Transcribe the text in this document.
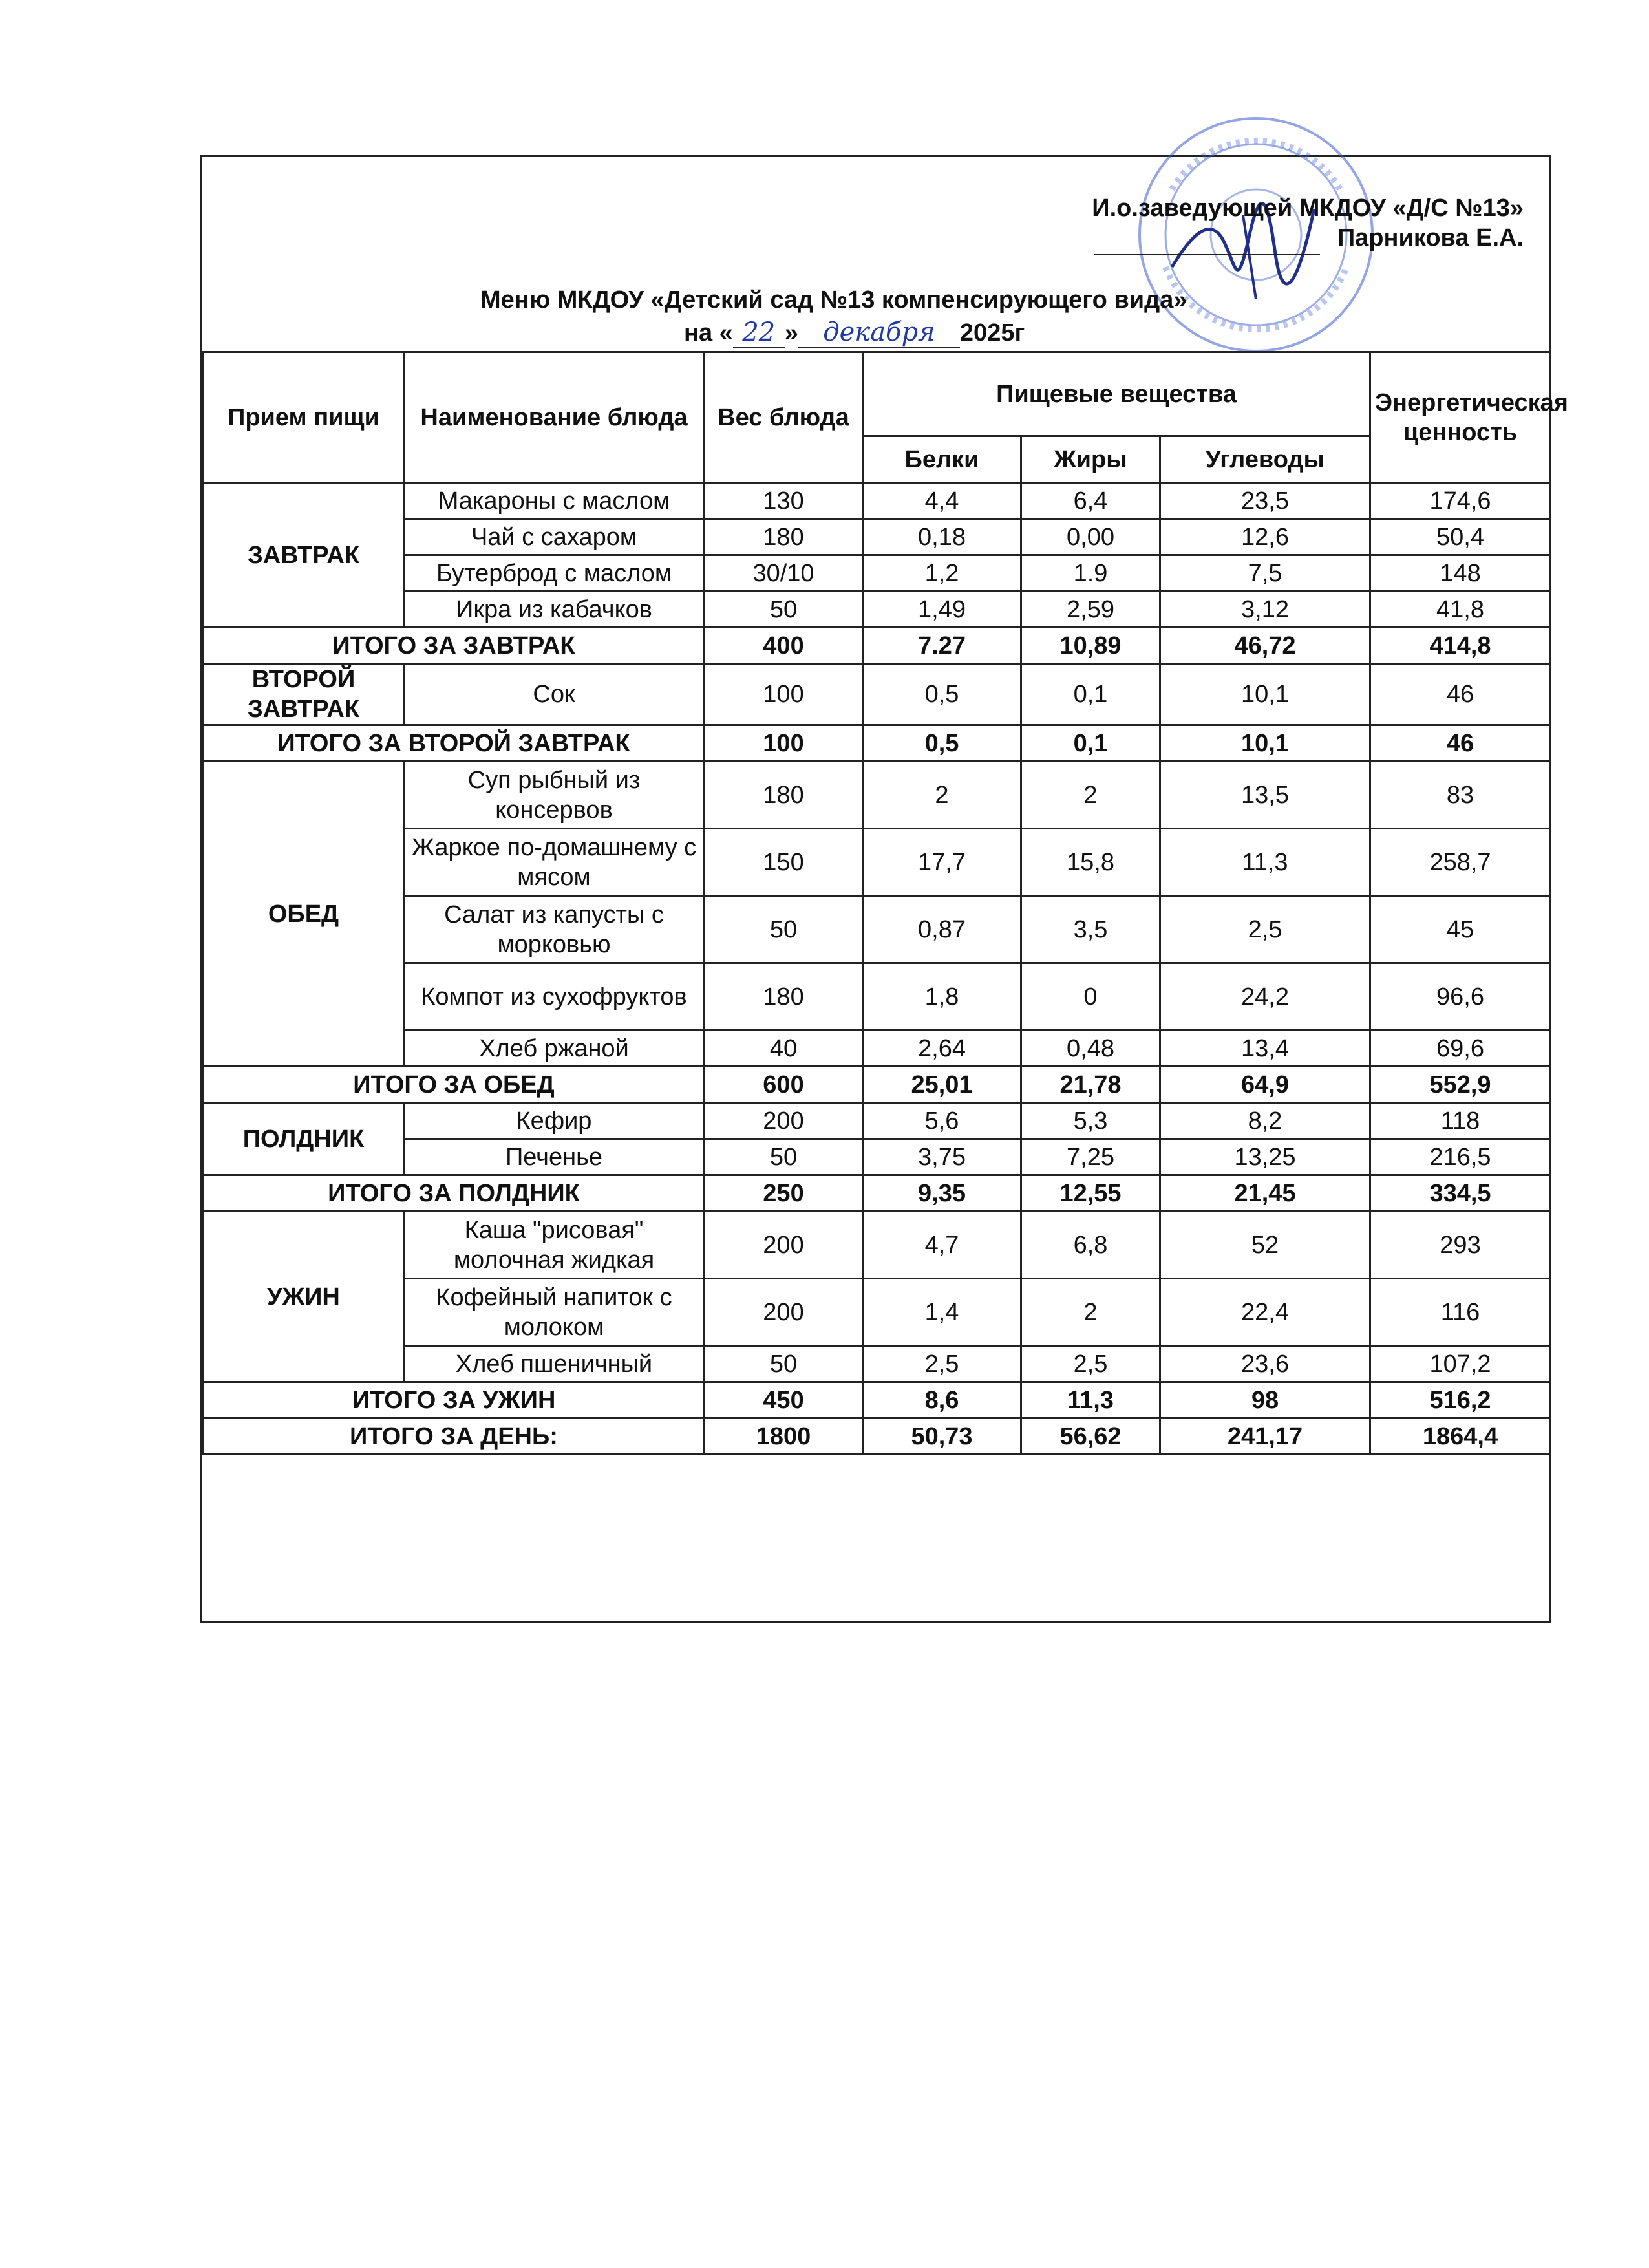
И.о.заведующей МКДОУ «Д/С №13»
Парникова Е.А.
Меню МКДОУ «Детский сад №13 компенсирующего вида»
на « 22 » декабря 2025г
Прием пищи	Наименование блюда	Вес блюда	Пищевые вещества			Энергетическая ценность
			Белки	Жиры	Углеводы	
ЗАВТРАК	Макароны с маслом	130	4,4	6,4	23,5	174,6
	Чай с сахаром	180	0,18	0,00	12,6	50,4
	Бутерброд с маслом	30/10	1,2	1.9	7,5	148
	Икра из кабачков	50	1,49	2,59	3,12	41,8
ИТОГО ЗА ЗАВТРАК		400	7.27	10,89	46,72	414,8
ВТОРОЙ ЗАВТРАК	Сок	100	0,5	0,1	10,1	46
ИТОГО ЗА ВТОРОЙ ЗАВТРАК		100	0,5	0,1	10,1	46
ОБЕД	Суп рыбный из консервов	180	2	2	13,5	83
	Жаркое по-домашнему с мясом	150	17,7	15,8	11,3	258,7
	Салат из капусты с морковью	50	0,87	3,5	2,5	45
	Компот из сухофруктов	180	1,8	0	24,2	96,6
	Хлеб ржаной	40	2,64	0,48	13,4	69,6
ИТОГО ЗА ОБЕД		600	25,01	21,78	64,9	552,9
ПОЛДНИК	Кефир	200	5,6	5,3	8,2	118
	Печенье	50	3,75	7,25	13,25	216,5
ИТОГО ЗА ПОЛДНИК		250	9,35	12,55	21,45	334,5
УЖИН	Каша "рисовая" молочная жидкая	200	4,7	6,8	52	293
	Кофейный напиток с молоком	200	1,4	2	22,4	116
	Хлеб пшеничный	50	2,5	2,5	23,6	107,2
ИТОГО ЗА УЖИН		450	8,6	11,3	98	516,2
ИТОГО ЗА ДЕНЬ:		1800	50,73	56,62	241,17	1864,4
